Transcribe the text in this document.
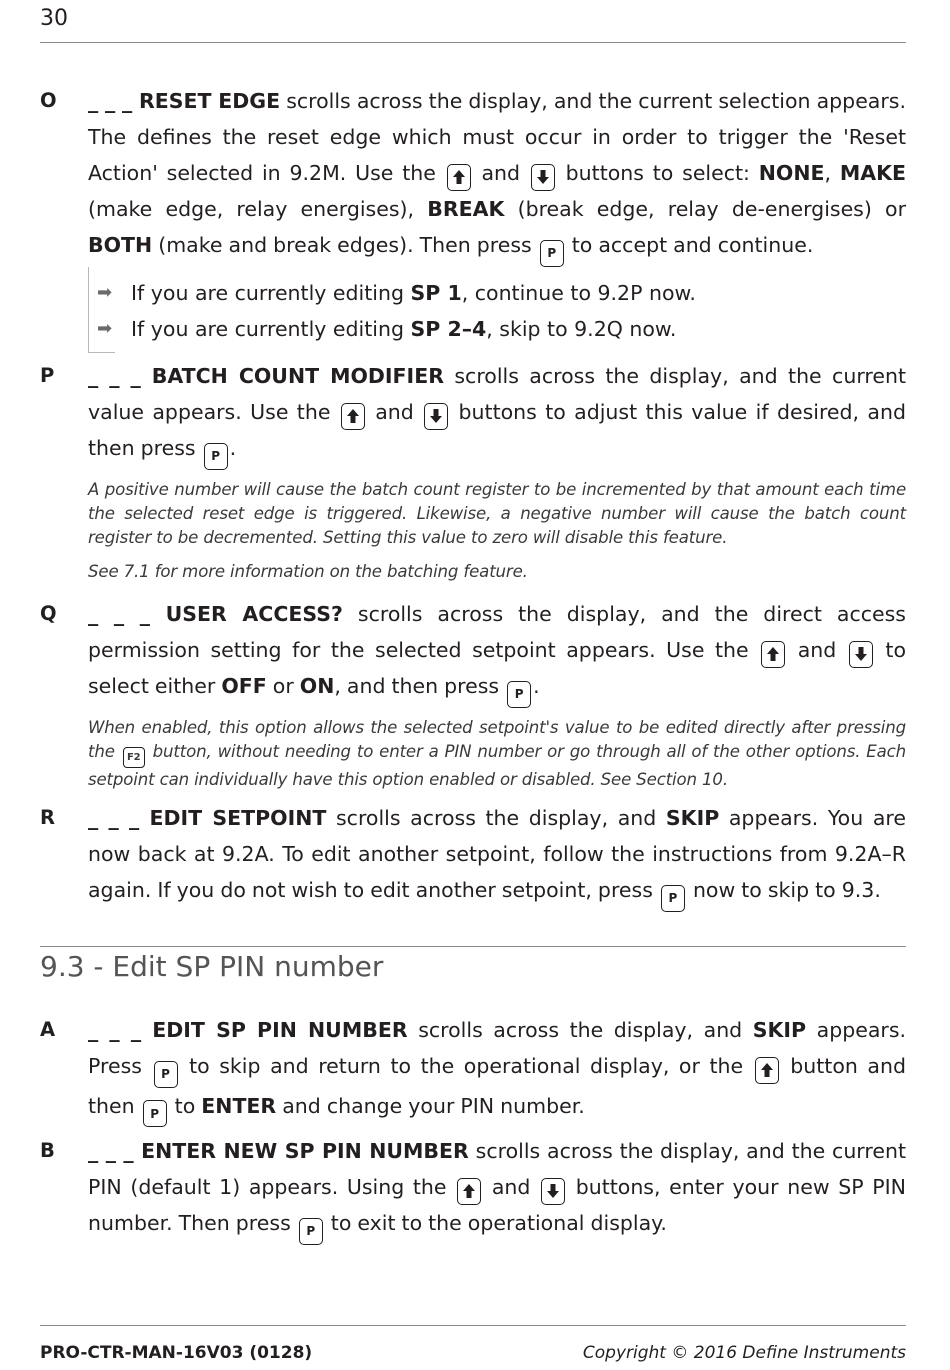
30
O _ _ _ RESET EDGE scrolls across the display, and the current selection appears. The defines the reset edge which must occur in order to trigger the 'Reset Action' selected in 9.2M. Use the
and
buttons to select: NONE, MAKE (make edge, relay energises), BREAK (break edge, relay de-energises) or BOTH (make and break edges). Then press P to accept and continue.
➡ If you are currently editing SP 1, continue to 9.2P now.
➡ If you are currently editing SP 2–4, skip to 9.2Q now.
P _ _ _ BATCH COUNT MODIFIER scrolls across the display, and the current value appears. Use the
and
buttons to adjust this value if desired, and then press P .
A positive number will cause the batch count register to be incremented by that amount each time the selected reset edge is triggered. Likewise, a negative number will cause the batch count register to be decremented. Setting this value to zero will disable this feature.
See 7.1 for more information on the batching feature.
Q _ _ _ USER ACCESS? scrolls across the display, and the direct access permission setting for the selected setpoint appears. Use the
and
to select either OFF or ON, and then press P .
When enabled, this option allows the selected setpoint's value to be edited directly after pressing the F2 button, without needing to enter a PIN number or go through all of the other options. Each setpoint can individually have this option enabled or disabled. See Section 10.
R _ _ _ EDIT SETPOINT scrolls across the display, and SKIP appears. You are now back at 9.2A. To edit another setpoint, follow the instructions from 9.2A–R again. If you do not wish to edit another setpoint, press P now to skip to 9.3.
9.3 - Edit SP PIN number
A _ _ _ EDIT SP PIN NUMBER scrolls across the display, and SKIP appears. Press P to skip and return to the operational display, or the
button and then P to ENTER and change your PIN number.
B _ _ _ ENTER NEW SP PIN NUMBER scrolls across the display, and the current PIN (default 1) appears. Using the
and
buttons, enter your new SP PIN number. Then press P to exit to the operational display.
PRO-CTR-MAN-16V03 (0128)	Copyright © 2016 Define Instruments
